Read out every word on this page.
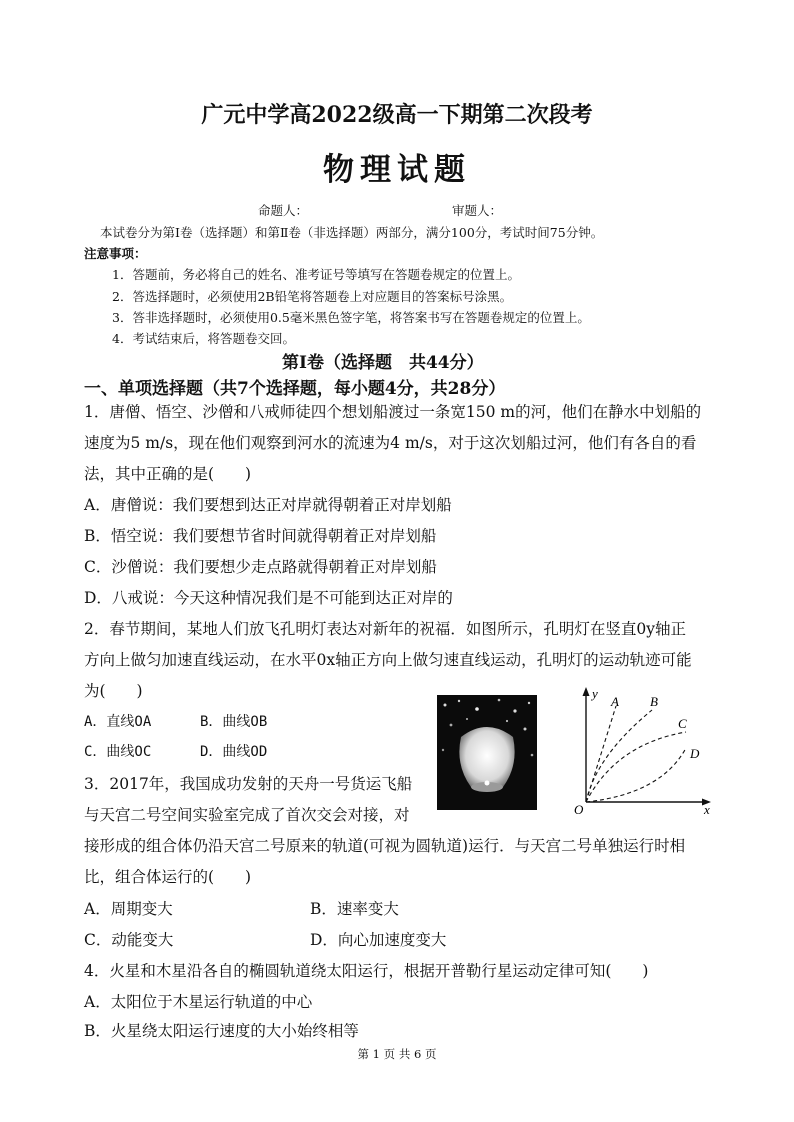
广元中学高2022级高一下期第二次段考
物理试题
命题人：	审题人：
本试卷分为第Ⅰ卷（选择题）和第Ⅱ卷（非选择题）两部分，满分100分，考试时间75分钟。
注意事项：
1．答题前，务必将自己的姓名、准考证号等填写在答题卷规定的位置上。
2．答选择题时，必须使用2B铅笔将答题卷上对应题目的答案标号涂黑。
3．答非选择题时，必须使用0.5毫米黑色签字笔，将答案书写在答题卷规定的位置上。
4．考试结束后，将答题卷交回。
第Ⅰ卷（选择题　共44分）
一、单项选择题（共7个选择题，每小题4分，共28分）
1．唐僧、悟空、沙僧和八戒师徒四个想划船渡过一条宽150 m的河，他们在静水中划船的
速度为5 m/s，现在他们观察到河水的流速为4 m/s，对于这次划船过河，他们有各自的看
法，其中正确的是(　　)
A．唐僧说：我们要想到达正对岸就得朝着正对岸划船
B．悟空说：我们要想节省时间就得朝着正对岸划船
C．沙僧说：我们要想少走点路就得朝着正对岸划船
D．八戒说：今天这种情况我们是不可能到达正对岸的
2．春节期间，某地人们放飞孔明灯表达对新年的祝福．如图所示，孔明灯在竖直0y轴正
方向上做匀加速直线运动，在水平0x轴正方向上做匀速直线运动，孔明灯的运动轨迹可能
为(　　)
A．直线OA	B．曲线OB
C．曲线OC	D．曲线OD
y
x
O
A B
C
D
3．2017年，我国成功发射的天舟一号货运飞船
与天宫二号空间实验室完成了首次交会对接，对
接形成的组合体仍沿天宫二号原来的轨道(可视为圆轨道)运行．与天宫二号单独运行时相
比，组合体运行的(　　)
A．周期变大	B．速率变大
C．动能变大	D．向心加速度变大
4．火星和木星沿各自的椭圆轨道绕太阳运行，根据开普勒行星运动定律可知(　　)
A．太阳位于木星运行轨道的中心
B．火星绕太阳运行速度的大小始终相等
第 1 页 共 6 页
